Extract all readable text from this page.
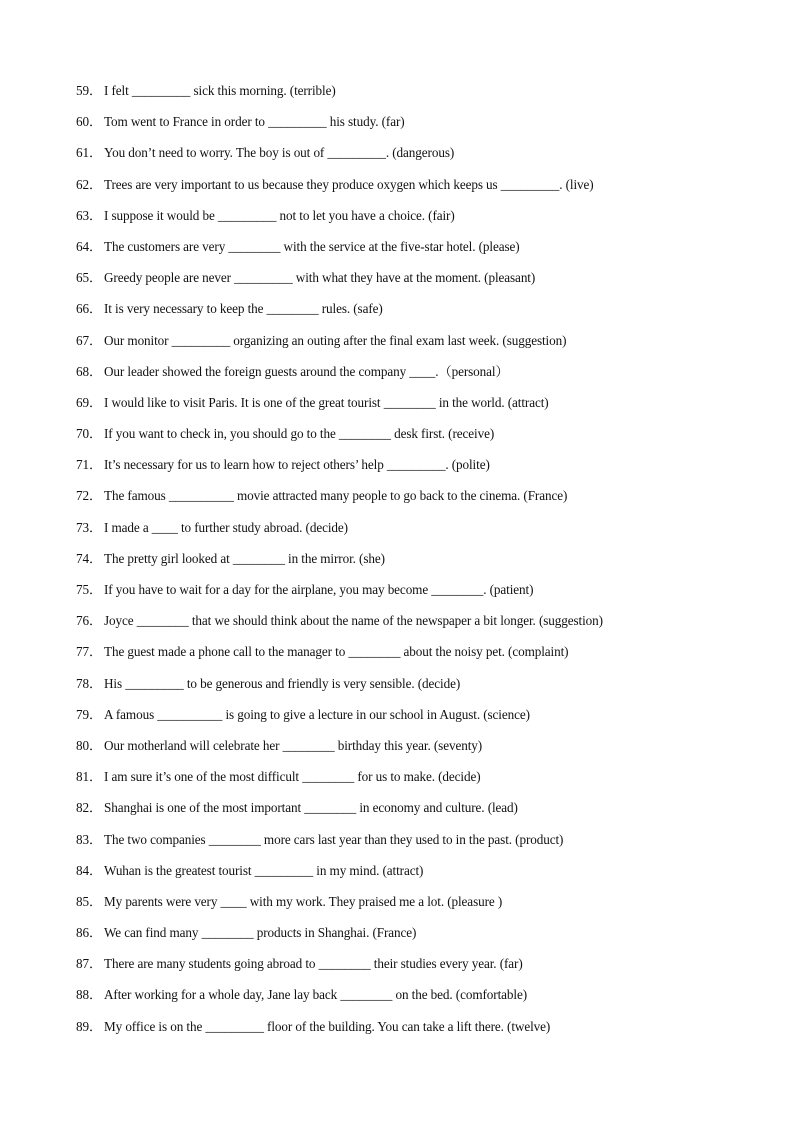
59． I felt _________ sick this morning. (terrible)
60． Tom went to France in order to _________ his study. (far)
61． You don’t need to worry. The boy is out of _________. (dangerous)
62． Trees are very important to us because they produce oxygen which keeps us _________. (live)
63． I suppose it would be _________ not to let you have a choice. (fair)
64． The customers are very ________ with the service at the five-star hotel. (please)
65． Greedy people are never _________ with what they have at the moment. (pleasant)
66． It is very necessary to keep the ________ rules. (safe)
67． Our monitor _________ organizing an outing after the final exam last week. (suggestion)
68． Our leader showed the foreign guests around the company ____.（personal）
69． I would like to visit Paris. It is one of the great tourist ________ in the world. (attract)
70． If you want to check in, you should go to the ________ desk first. (receive)
71． It’s necessary for us to learn how to reject others’ help _________. (polite)
72． The famous __________ movie attracted many people to go back to the cinema. (France)
73． I made a ____ to further study abroad. (decide)
74． The pretty girl looked at ________ in the mirror. (she)
75． If you have to wait for a day for the airplane, you may become ________. (patient)
76． Joyce ________ that we should think about the name of the newspaper a bit longer. (suggestion)
77． The guest made a phone call to the manager to ________ about the noisy pet. (complaint)
78． His _________ to be generous and friendly is very sensible. (decide)
79． A famous __________ is going to give a lecture in our school in August. (science)
80． Our motherland will celebrate her ________ birthday this year. (seventy)
81． I am sure it’s one of the most difficult ________ for us to make. (decide)
82． Shanghai is one of the most important ________ in economy and culture. (lead)
83． The two companies ________ more cars last year than they used to in the past. (product)
84． Wuhan is the greatest tourist _________ in my mind. (attract)
85． My parents were very ____ with my work. They praised me a lot. (pleasure )
86． We can find many ________ products in Shanghai. (France)
87． There are many students going abroad to ________ their studies every year. (far)
88． After working for a whole day, Jane lay back ________ on the bed. (comfortable)
89． My office is on the _________ floor of the building. You can take a lift there. (twelve)
